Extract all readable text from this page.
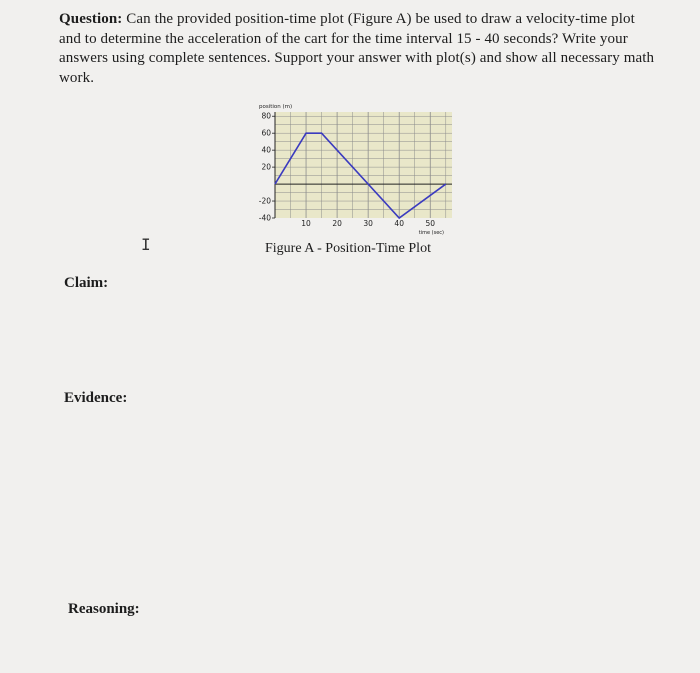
Question: Can the provided position-time plot (Figure A) be used to draw a velocity-time plot and to determine the acceleration of the cart for the time interval 15 - 40 seconds? Write your answers using complete sentences. Support your answer with plot(s) and show all necessary math work.

80
60
40
20
-20
-40
10	20	30	40	50
position (m)
time (sec)
Figure A - Position-Time Plot
I
Claim:
Evidence:
Reasoning:
